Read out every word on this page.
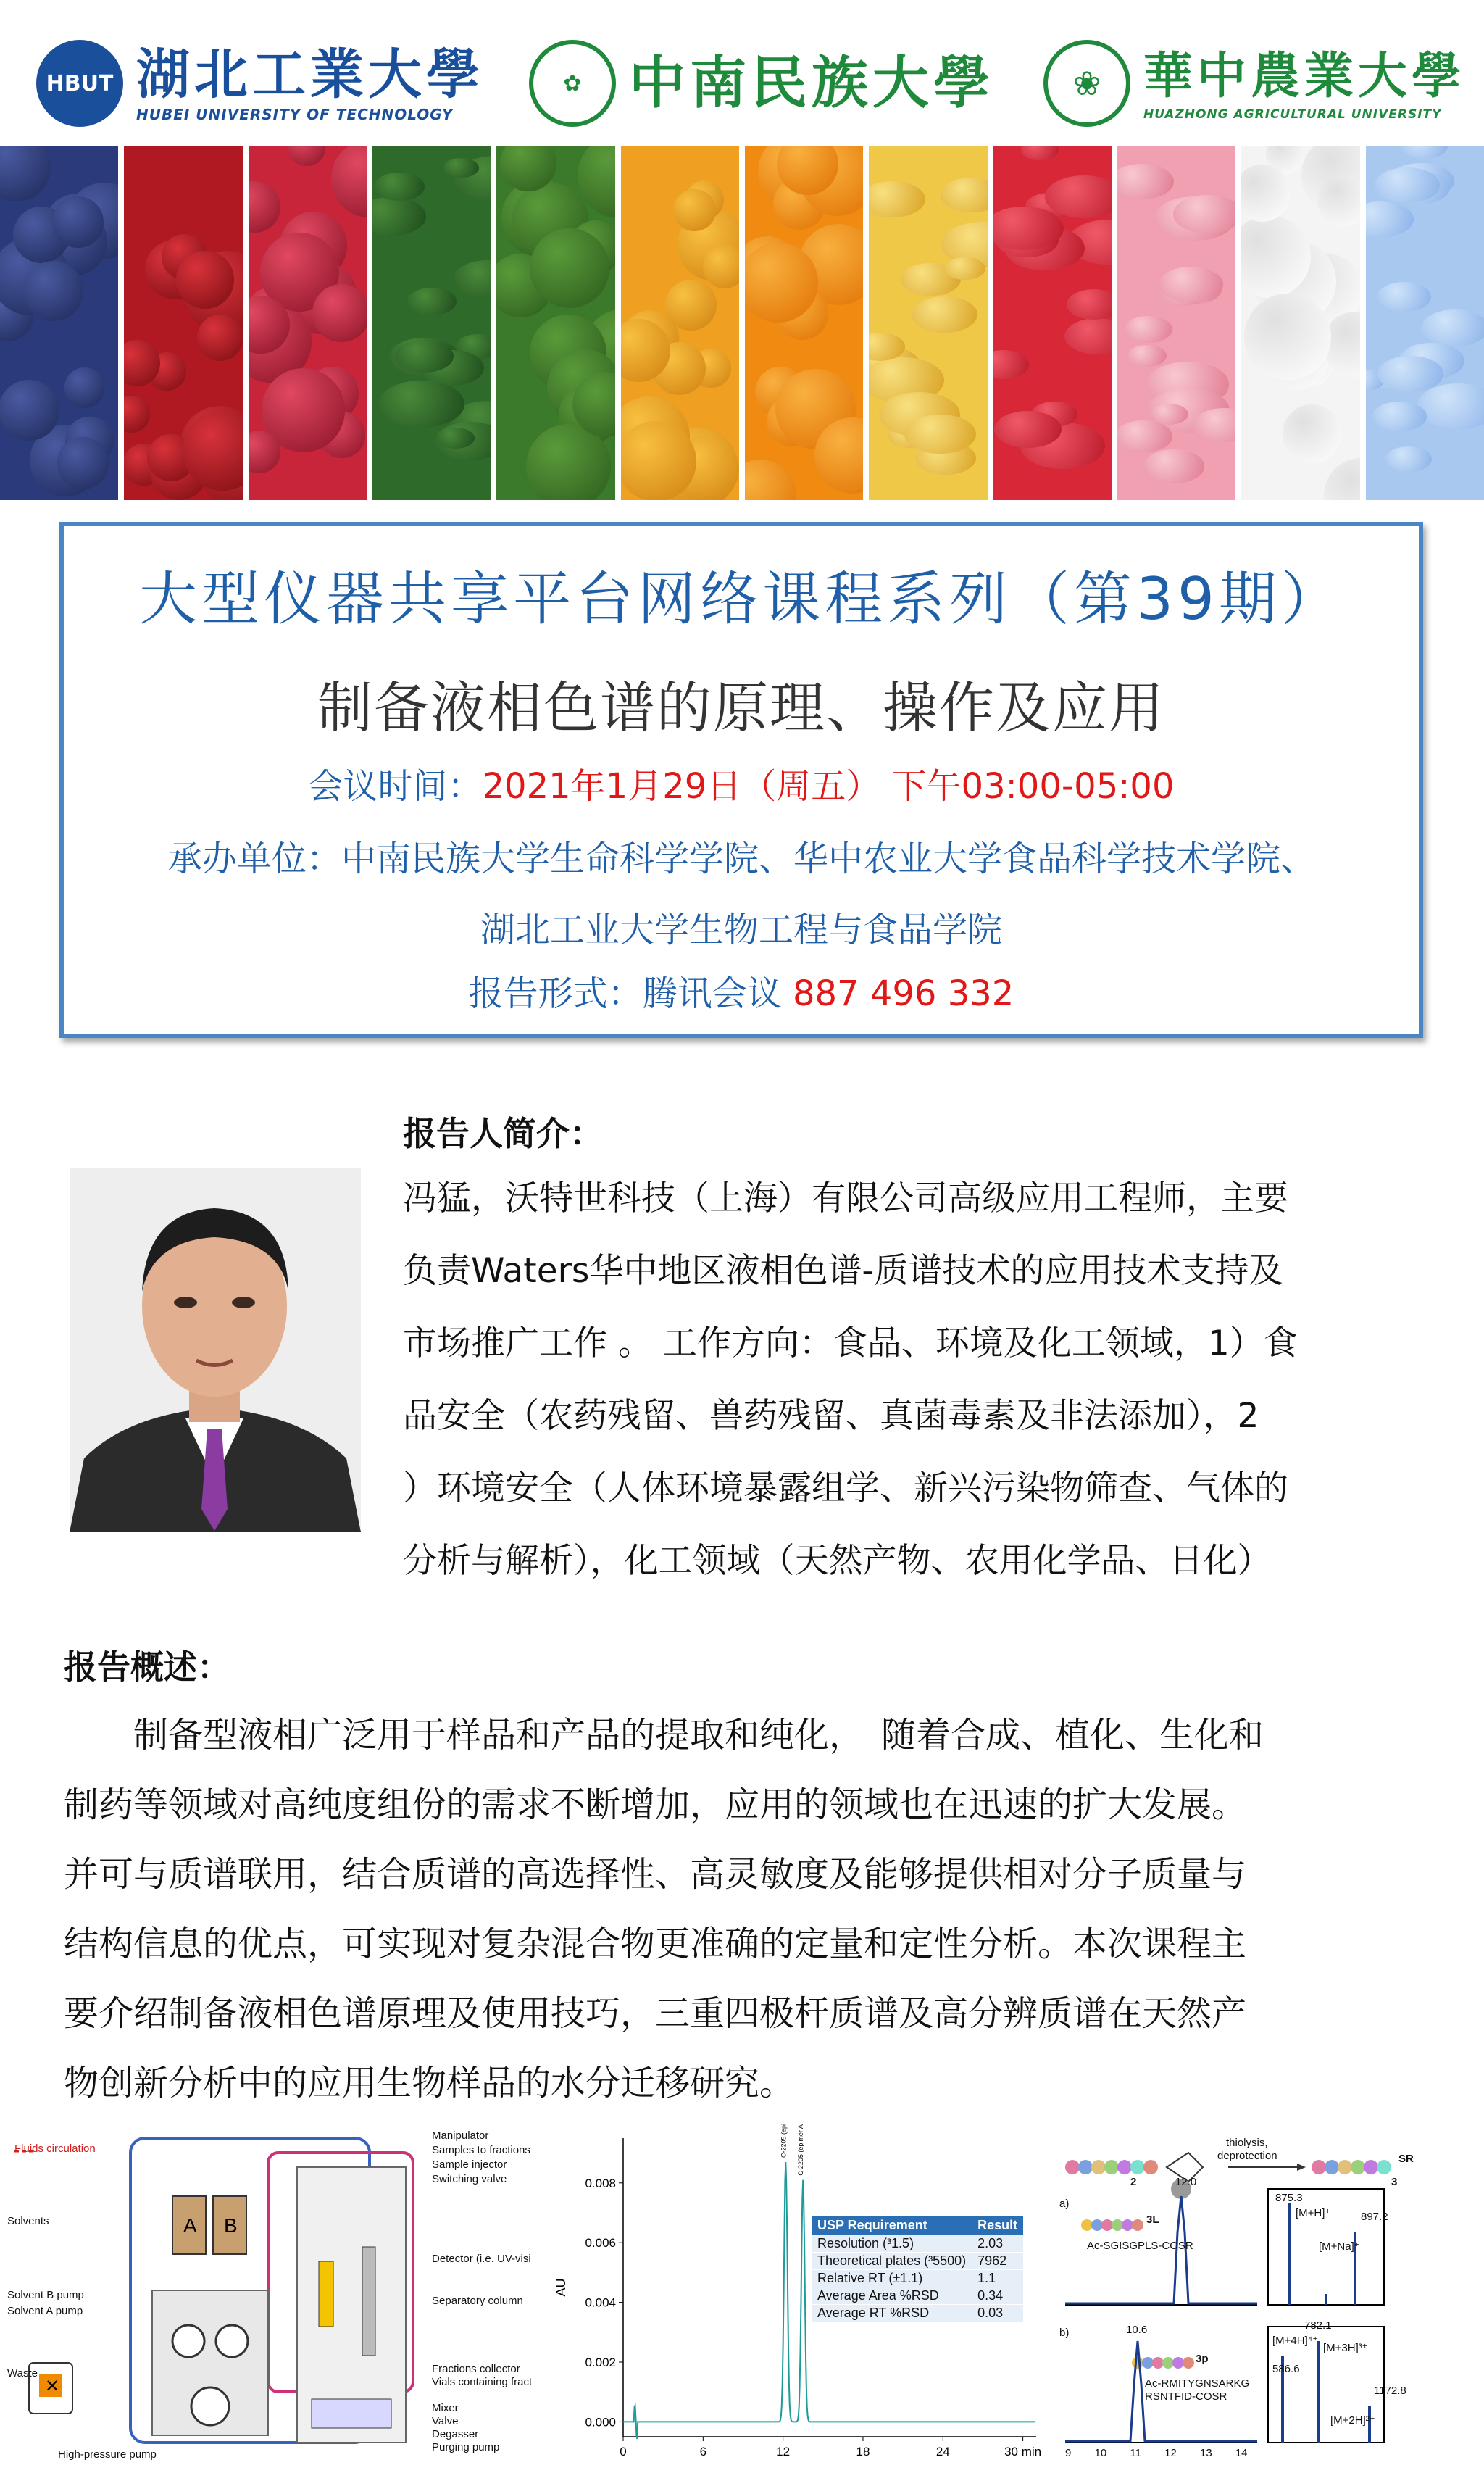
HBUT 湖北工業大學
HUBEI UNIVERSITY OF TECHNOLOGY
✿ 中南民族大學	❀ 華中農業大學
HUAZHONG AGRICULTURAL UNIVERSITY
大型仪器共享平台网络课程系列（第39期）
制备液相色谱的原理、操作及应用
会议时间：2021年1月29日（周五） 下午03:00-05:00
承办单位：中南民族大学生命科学学院、华中农业大学食品科学技术学院、
湖北工业大学生物工程与食品学院
报告形式：腾讯会议 887 496 332
报告人简介：
冯猛，沃特世科技（上海）有限公司高级应用工程师，主要
负责Waters华中地区液相色谱-质谱技术的应用技术支持及
市场推广工作 。 工作方向：食品、环境及化工领域，1）食
品安全（农药残留、兽药残留、真菌毒素及非法添加），2
）环境安全（人体环境暴露组学、新兴污染物筛查、气体的
分析与解析），化工领域（天然产物、农用化学品、日化）
报告概述：
　　制备型液相广泛用于样品和产品的提取和纯化，　随着合成、植化、生化和
制药等领域对高纯度组份的需求不断增加，应用的领域也在迅速的扩大发展。
并可与质谱联用，结合质谱的高选择性、高灵敏度及能够提供相对分子质量与
结构信息的优点，可实现对复杂混合物更准确的定量和定性分析。本次课程主
要介绍制备液相色谱原理及使用技巧，三重四极杆质谱及高分辨质谱在天然产
物创新分析中的应用生物样品的水分迁移研究。
A B
✕
Fluids circulation
Solvents
Solvent B pump
Solvent A pump
Waste
High-pressure pump
Manipulator
Samples to fractions
Sample injector
Switching valve
Detector (i.e. UV-visi
Separatory column
Fractions collector
Vials containing fract
Mixer
Valve
Degasser
Purging pump
0.000
0.002
0.004
0.006
0.008
0	6	12	18	24	30 min
AU
C-2205 (epimer B) C-2205 (epimer A)
USP Requirement	Result
Resolution (³1.5)	2.03
Theoretical plates (³5500)	7962
Relative RT (±1.1)	1.1
Average Area %RSD	0.34
Average RT %RSD	0.03
thiolysis,
deprotection
2	3
SR
a)
3L
Ac-SGISGPLS-COSR
12.0
875.3
[M+H]⁺
[M+Na]⁺
897.2
b)
3p
Ac-RMITYGNSARKG
RSNTFID-COSR
10.6
[M+4H]⁴⁺
586.6
[M+3H]³⁺
782.1
[M+2H]²⁺
1172.8
9 10 11 12 13 14
